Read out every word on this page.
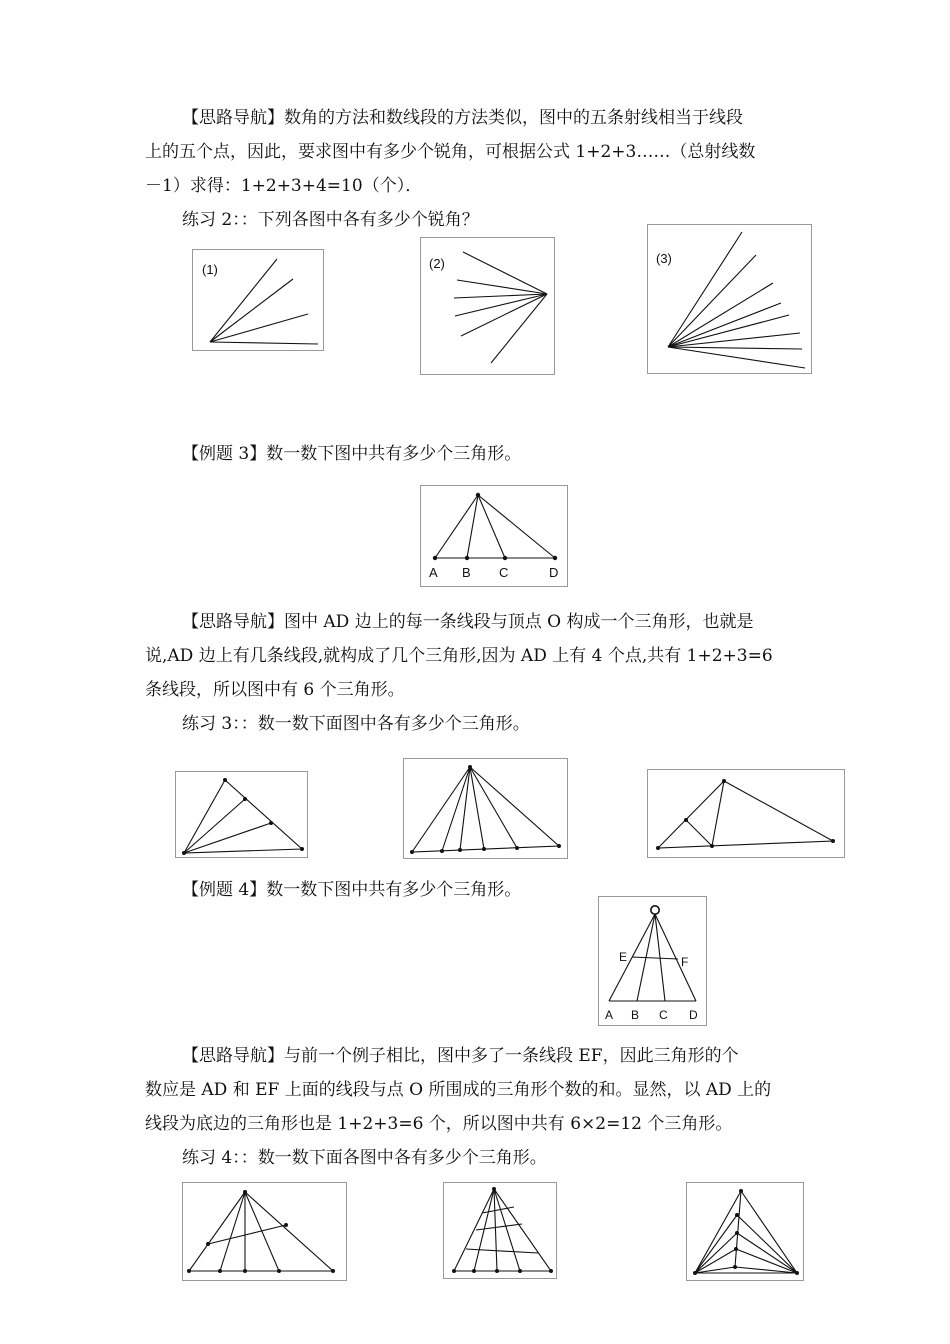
【思路导航】数角的方法和数线段的方法类似，图中的五条射线相当于线段

上的五个点，因此，要求图中有多少个锐角，可根据公式 1+2+3……（总射线数

－1）求得：1+2+3+4=10（个）．

练习 2：：下列各图中各有多少个锐角？

(1)	(2)	(3)

【例题 3】数一数下图中共有多少个三角形。

A B C	D

【思路导航】图中 AD 边上的每一条线段与顶点 O 构成一个三角形，也就是

说,AD 边上有几条线段,就构成了几个三角形,因为 AD 上有 4 个点,共有 1+2+3=6

条线段，所以图中有 6 个三角形。

练习 3：：数一数下面图中各有多少个三角形。

【例题 4】数一数下图中共有多少个三角形。

O
E	F
A B C D

【思路导航】与前一个例子相比，图中多了一条线段 EF，因此三角形的个

数应是 AD 和 EF 上面的线段与点 O 所围成的三角形个数的和。显然，以 AD 上的

线段为底边的三角形也是 1+2+3=6 个，所以图中共有 6×2=12 个三角形。

练习 4：：数一数下面各图中各有多少个三角形。
